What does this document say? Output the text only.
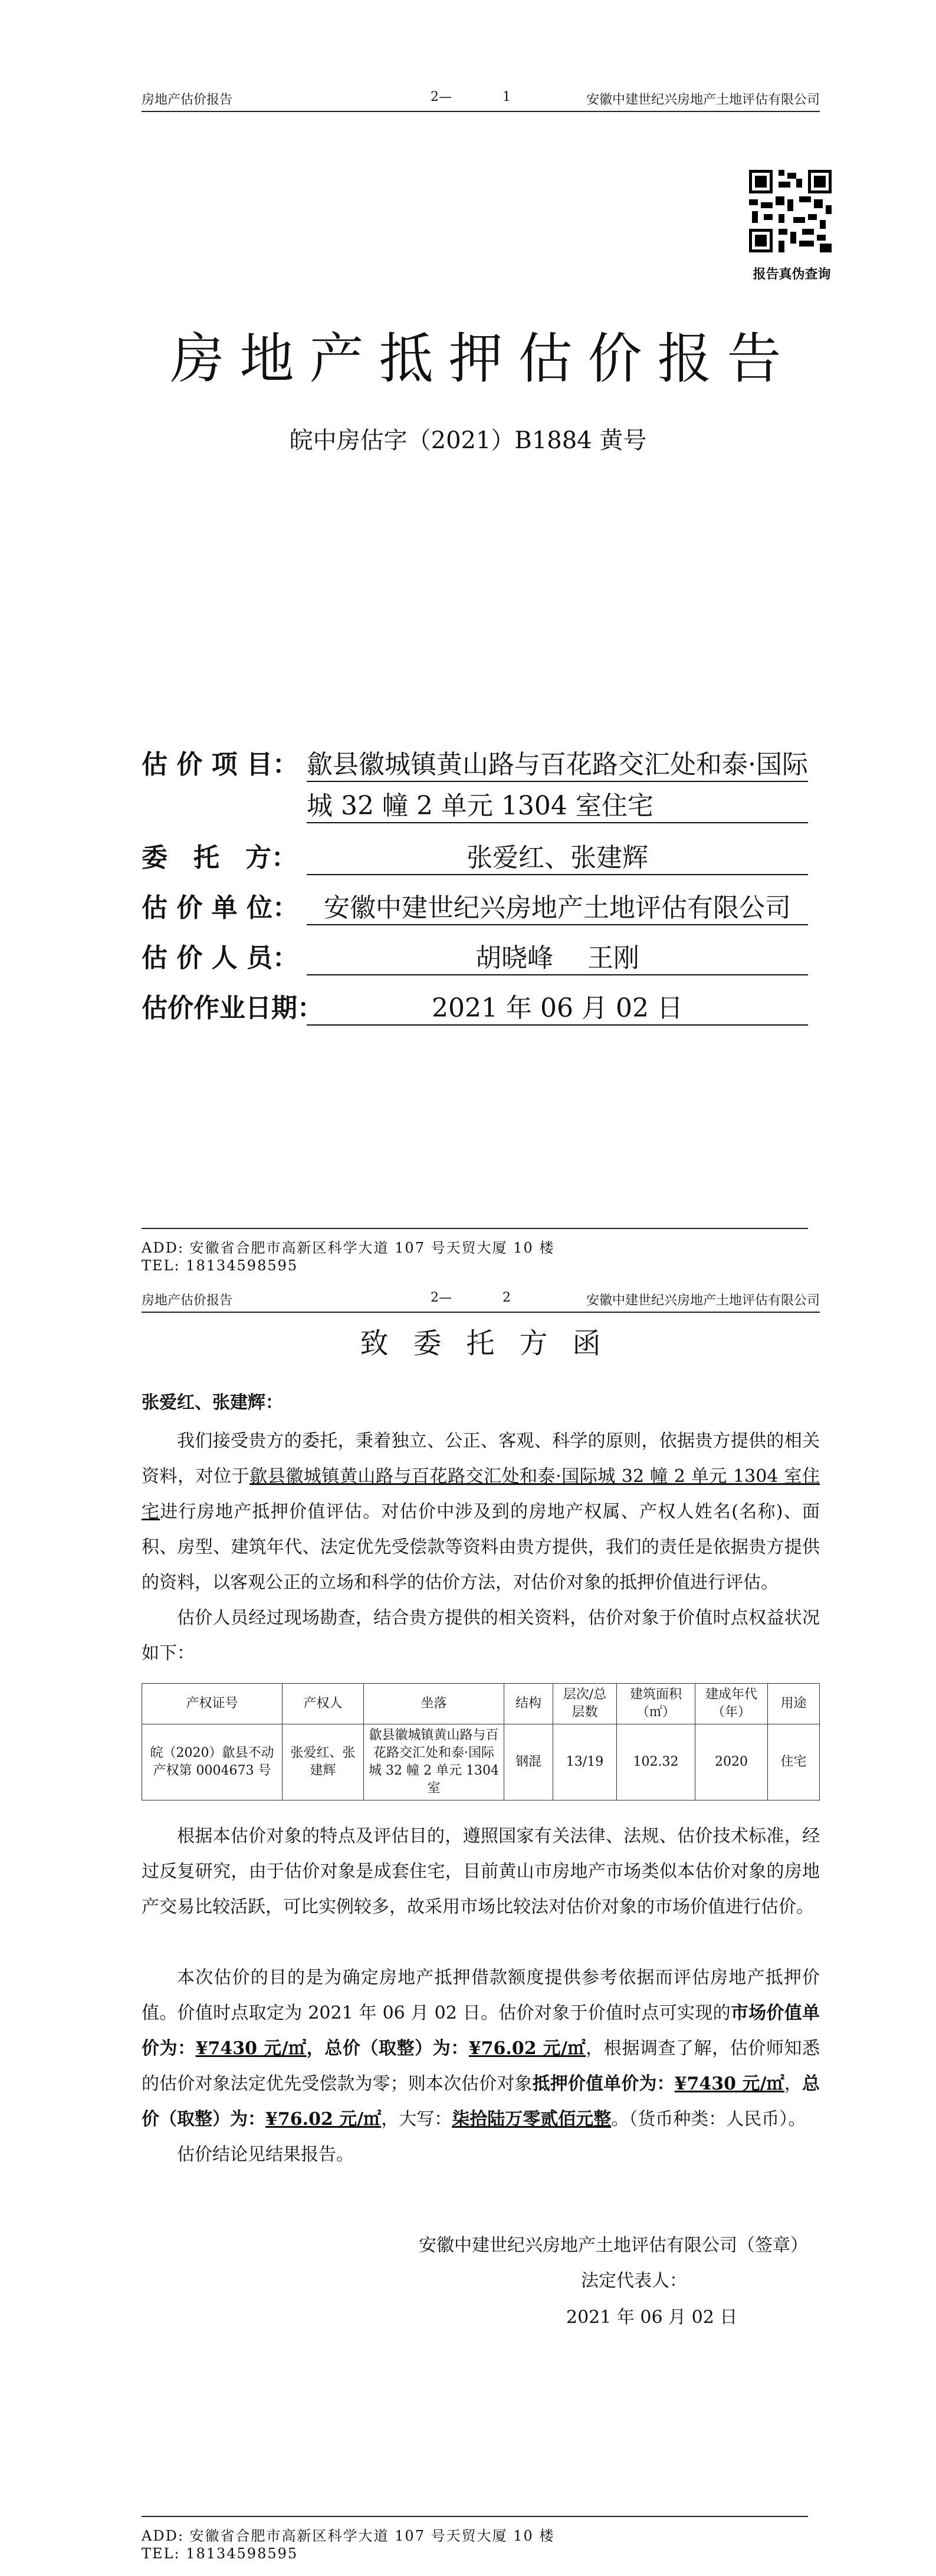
房地产估价报告	2—	1	安徽中建世纪兴房地产土地评估有限公司
报告真伪查询
房地产抵押估价报告
皖中房估字（2021）B1884 黄号
估 价 项 目： 歙县徽城镇黄山路与百花路交汇处和泰·国际
城 32 幢 2 单元 1304 室住宅
委　托　方：	张爱红、张建辉
估 价 单 位： 安徽中建世纪兴房地产土地评估有限公司
估 价 人 员：	胡晓峰　 王刚
估价作业日期：	2021 年 06 月 02 日
ADD: 安徽省合肥市高新区科学大道 107 号天贸大厦 10 楼
TEL: 18134598595
房地产估价报告	2—	2	安徽中建世纪兴房地产土地评估有限公司
致委托方函
张爱红、张建辉：
我们接受贵方的委托，秉着独立、公正、客观、科学的原则，依据贵方提供的相关资料，对位于歙县徽城镇黄山路与百花路交汇处和泰·国际城 32 幢 2 单元 1304 室住宅进行房地产抵押价值评估。对估价中涉及到的房地产权属、产权人姓名(名称)、面积、房型、建筑年代、法定优先受偿款等资料由贵方提供，我们的责任是依据贵方提供的资料，以客观公正的立场和科学的估价方法，对估价对象的抵押价值进行评估。
估价人员经过现场勘查，结合贵方提供的相关资料，估价对象于价值时点权益状况如下：
产权证号	产权人	坐落	结构	层次/总层数	建筑面积（㎡）	建成年代（年）	用途
皖（2020）歙县不动产权第 0004673 号	张爱红、张建辉	歙县徽城镇黄山路与百花路交汇处和泰·国际城 32 幢 2 单元 1304 室	钢混	13/19	102.32	2020	住宅
根据本估价对象的特点及评估目的，遵照国家有关法律、法规、估价技术标准，经过反复研究，由于估价对象是成套住宅，目前黄山市房地产市场类似本估价对象的房地产交易比较活跃，可比实例较多，故采用市场比较法对估价对象的市场价值进行估价。
本次估价的目的是为确定房地产抵押借款额度提供参考依据而评估房地产抵押价值。价值时点取定为 2021 年 06 月 02 日。估价对象于价值时点可实现的市场价值单价为：¥7430 元/㎡，总价（取整）为：¥76.02 元/㎡，根据调查了解，估价师知悉的估价对象法定优先受偿款为零；则本次估价对象抵押价值单价为：¥7430 元/㎡，总价（取整）为：¥76.02 元/㎡，大写：柒拾陆万零贰佰元整。（货币种类：人民币）。
估价结论见结果报告。
安徽中建世纪兴房地产土地评估有限公司（签章）
法定代表人：
2021 年 06 月 02 日
ADD: 安徽省合肥市高新区科学大道 107 号天贸大厦 10 楼
TEL: 18134598595
